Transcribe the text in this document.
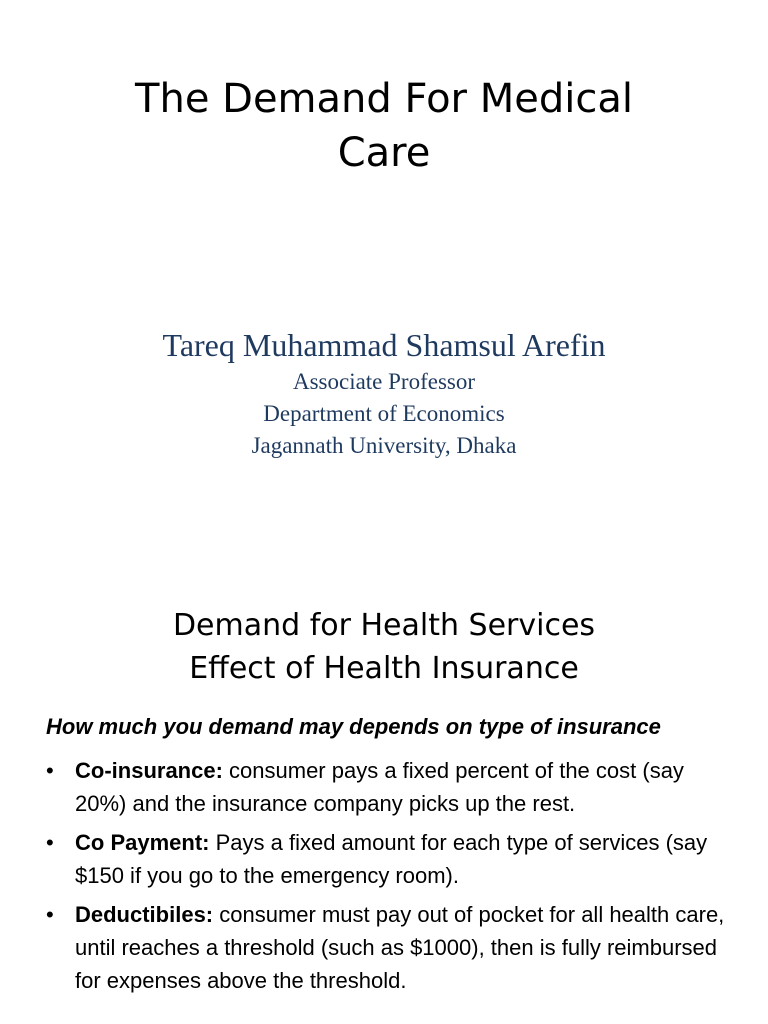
The Demand For Medical
Care
Tareq Muhammad Shamsul Arefin
Associate Professor
Department of Economics
Jagannath University, Dhaka
Demand for Health Services
Effect of Health Insurance
How much you demand may depends on type of insurance
• Co-insurance: consumer pays a fixed percent of the cost (say 20%) and the insurance company picks up the rest.
• Co Payment: Pays a fixed amount for each type of services (say $150 if you go to the emergency room).
• Deductibiles: consumer must pay out of pocket for all health care, until reaches a threshold (such as $1000), then is fully reimbursed for expenses above the threshold.
